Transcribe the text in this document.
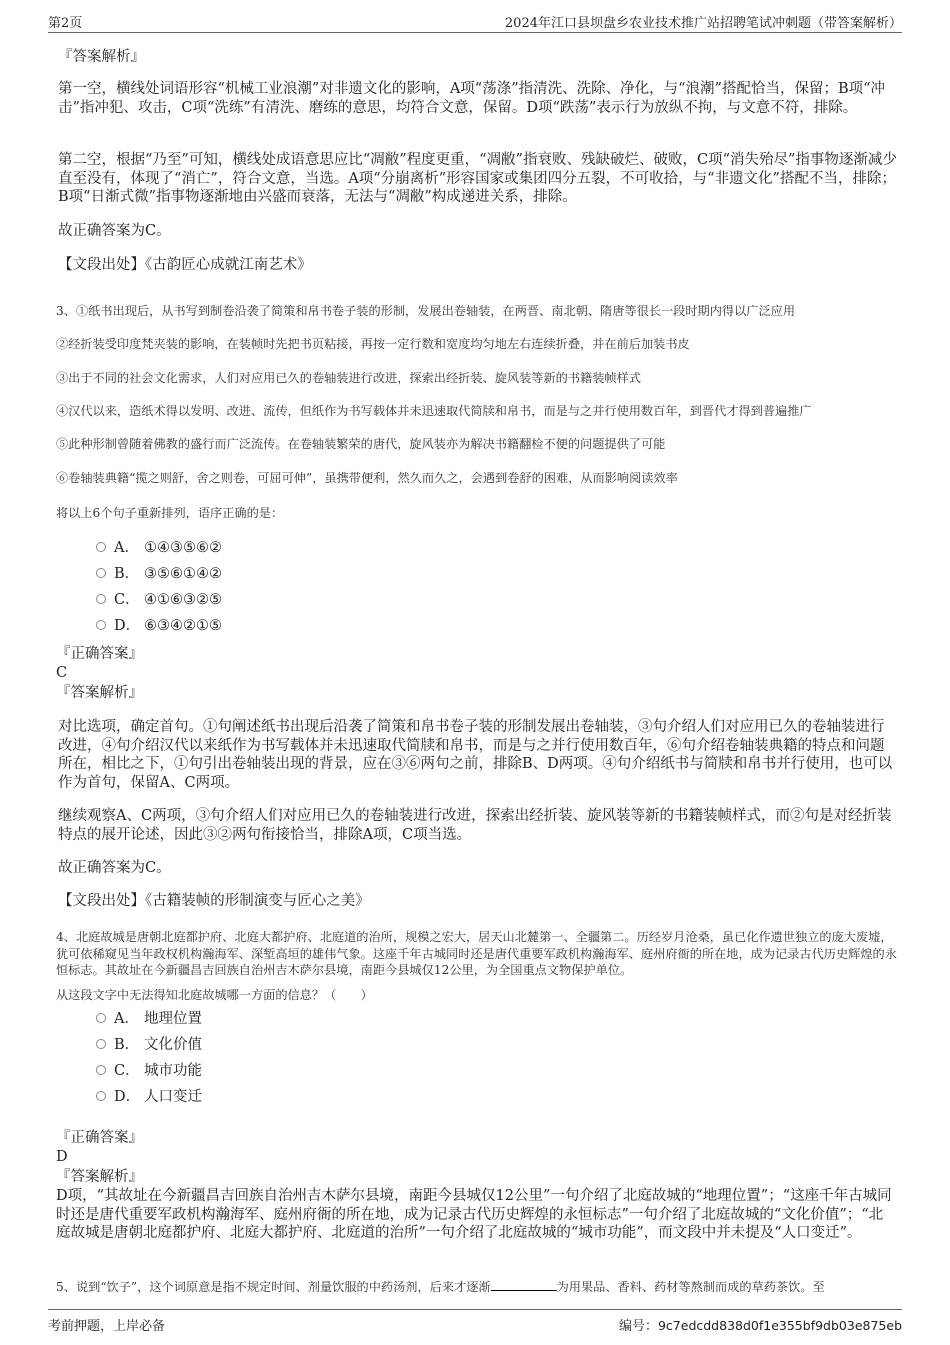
第2页	2024年江口县坝盘乡农业技术推广站招聘笔试冲刺题（带答案解析）
『答案解析』
第一空，横线处词语形容“机械工业浪潮”对非遗文化的影响，A项“荡涤”指清洗、洗除、净化，与“浪潮”搭配恰当，保留；B项“冲击”指冲犯、攻击，C项“洗练”有清洗、磨练的意思，均符合文意，保留。D项“跌荡”表示行为放纵不拘，与文意不符，排除。
第二空，根据“乃至”可知，横线处成语意思应比“凋敝”程度更重，“凋敝”指衰败、残缺破烂、破败，C项“消失殆尽”指事物逐渐减少直至没有，体现了“消亡”，符合文意，当选。A项“分崩离析”形容国家或集团四分五裂，不可收拾，与“非遗文化”搭配不当，排除；B项“日渐式微”指事物逐渐地由兴盛而衰落，无法与“凋敝”构成递进关系，排除。
故正确答案为C。
【文段出处】《古韵匠心成就江南艺术》
3、①纸书出现后，从书写到制卷沿袭了简策和帛书卷子装的形制，发展出卷轴装，在两晋、南北朝、隋唐等很长一段时期内得以广泛应用
②经折装受印度梵夹装的影响，在装帧时先把书页粘接，再按一定行数和宽度均匀地左右连续折叠，并在前后加装书皮
③出于不同的社会文化需求，人们对应用已久的卷轴装进行改进，探索出经折装、旋风装等新的书籍装帧样式
④汉代以来，造纸术得以发明、改进、流传，但纸作为书写载体并未迅速取代简牍和帛书，而是与之并行使用数百年，到晋代才得到普遍推广
⑤此种形制曾随着佛教的盛行而广泛流传。在卷轴装繁荣的唐代，旋风装亦为解决书籍翻检不便的问题提供了可能
⑥卷轴装典籍“揽之则舒，舍之则卷，可屈可伸”，虽携带便利，然久而久之，会遇到卷舒的困难，从而影响阅读效率
将以上6个句子重新排列，语序正确的是：
A． ①④③⑤⑥②
B． ③⑤⑥①④②
C． ④①⑥③②⑤
D． ⑥③④②①⑤
『正确答案』
C
『答案解析』
对比选项，确定首句。①句阐述纸书出现后沿袭了简策和帛书卷子装的形制发展出卷轴装，③句介绍人们对应用已久的卷轴装进行改进，④句介绍汉代以来纸作为书写载体并未迅速取代简牍和帛书，而是与之并行使用数百年，⑥句介绍卷轴装典籍的特点和问题所在，相比之下，①句引出卷轴装出现的背景，应在③⑥两句之前，排除B、D两项。④句介绍纸书与简牍和帛书并行使用，也可以作为首句，保留A、C两项。
继续观察A、C两项，③句介绍人们对应用已久的卷轴装进行改进，探索出经折装、旋风装等新的书籍装帧样式，而②句是对经折装特点的展开论述，因此③②两句衔接恰当，排除A项，C项当选。
故正确答案为C。
【文段出处】《古籍装帧的形制演变与匠心之美》
4、北庭故城是唐朝北庭都护府、北庭大都护府、北庭道的治所，规模之宏大，居天山北麓第一、全疆第二。历经岁月沧桑，虽已化作遗世独立的庞大废墟，犹可依稀窥见当年政权机构瀚海军、深堑高垣的雄伟气象。这座千年古城同时还是唐代重要军政机构瀚海军、庭州府衙的所在地，成为记录古代历史辉煌的永恒标志。其故址在今新疆昌吉回族自治州吉木萨尔县境，南距今县城仅12公里，为全国重点文物保护单位。
从这段文字中无法得知北庭故城哪一方面的信息？（　　）
A． 地理位置
B． 文化价值
C． 城市功能
D． 人口变迁
『正确答案』
D
『答案解析』
D项，“其故址在今新疆昌吉回族自治州吉木萨尔县境，南距今县城仅12公里”一句介绍了北庭故城的“地理位置”；“这座千年古城同时还是唐代重要军政机构瀚海军、庭州府衙的所在地，成为记录古代历史辉煌的永恒标志”一句介绍了北庭故城的“文化价值”；“北庭故城是唐朝北庭都护府、北庭大都护府、北庭道的治所”一句介绍了北庭故城的“城市功能”，而文段中并未提及“人口变迁”。
5、说到“饮子”，这个词原意是指不规定时间、剂量饮服的中药汤剂，后来才逐渐	为用果品、香料、药材等熬制而成的草药茶饮。至
考前押题，上岸必备	编号：9c7edcdd838d0f1e355bf9db03e875eb
